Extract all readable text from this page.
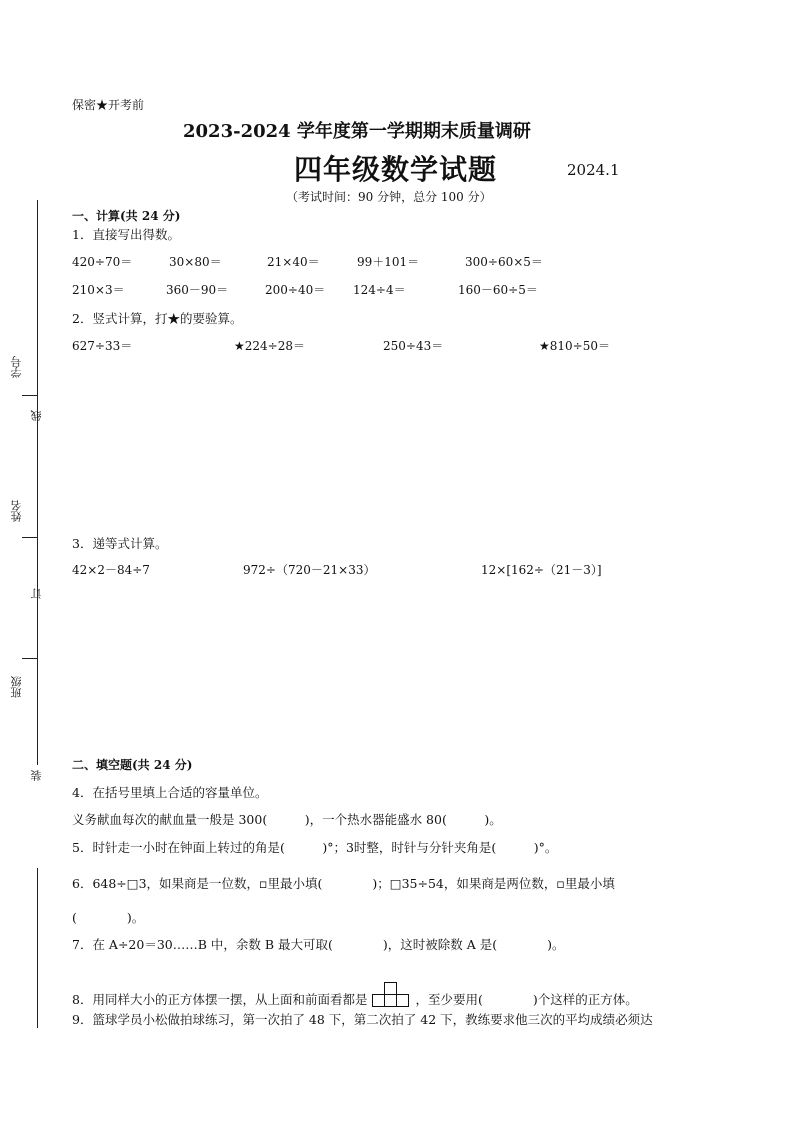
学号
线
姓名
订
班级
装
保密★开考前
2023-2024 学年度第一学期期末质量调研
四年级数学试题	2024.1
（考试时间：90 分钟，总分 100 分）
一、计算(共 24 分)
1．直接写出得数。
420÷70＝	30×80＝	21×40＝	99＋101＝	300÷60×5＝
210×3＝	360－90＝	200÷40＝ 124÷4＝	160－60÷5＝
2．竖式计算，打★的要验算。
627÷33＝	★224÷28＝	250÷43＝	★810÷50＝
3．递等式计算。
42×2－84÷7	972÷（720－21×33）	12×[162÷（21－3）]
二、填空题(共 24 分)
4．在括号里填上合适的容量单位。
义务献血每次的献血量一般是 300(　　　)，一个热水器能盛水 80(　　　)。
5．时针走一小时在钟面上转过的角是(　　　)°；3时整，时针与分针夹角是(　　　)°。
6．648÷□3，如果商是一位数，▫里最小填(　　　　)；□35÷54，如果商是两位数，▫里最小填
(　　　　)。
7．在 A÷20＝30……B 中，余数 B 最大可取(　　　　)，这时被除数 A 是(　　　　)。
8．用同样大小的正方体摆一摆，从上面和前面看都是	，至少要用(　　　　)个这样的正方体。
9．篮球学员小松做拍球练习，第一次拍了 48 下，第二次拍了 42 下，教练要求他三次的平均成绩必须达
